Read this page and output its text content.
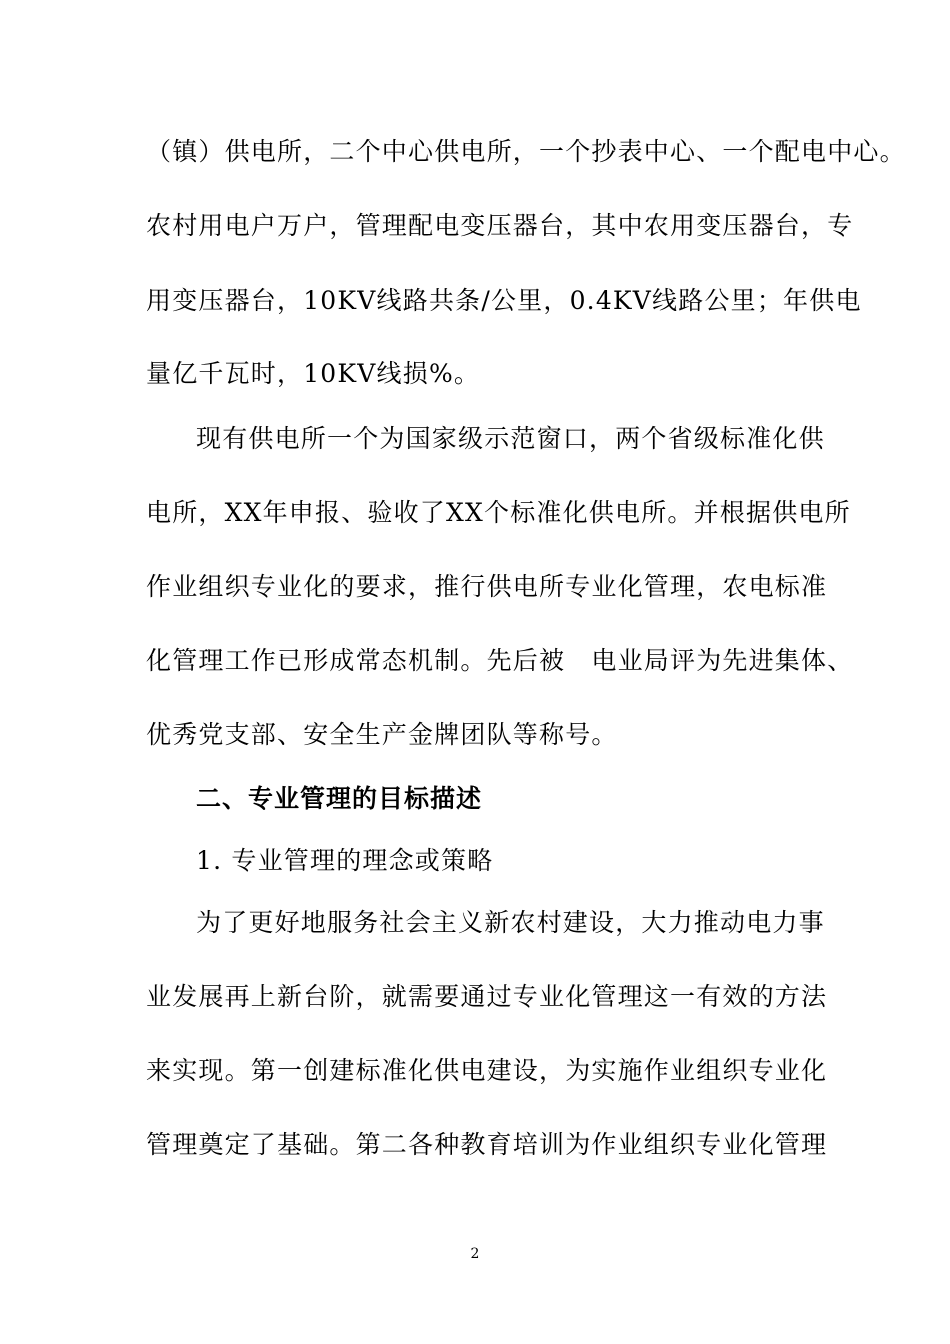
（镇）供电所，二个中心供电所，一个抄表中心、一个配电中心。
农村用电户万户，管理配电变压器台，其中农用变压器台，专
用变压器台，10KV线路共条/公里，0.4KV线路公里；年供电
量亿千瓦时，10KV线损%。
现有供电所一个为国家级示范窗口，两个省级标准化供
电所，XX年申报、验收了XX个标准化供电所。并根据供电所
作业组织专业化的要求，推行供电所专业化管理，农电标准
化管理工作已形成常态机制。先后被　电业局评为先进集体、
优秀党支部、安全生产金牌团队等称号。
二、专业管理的目标描述
1. 专业管理的理念或策略
为了更好地服务社会主义新农村建设，大力推动电力事
业发展再上新台阶，就需要通过专业化管理这一有效的方法
来实现。第一创建标准化供电建设，为实施作业组织专业化
管理奠定了基础。第二各种教育培训为作业组织专业化管理
2
